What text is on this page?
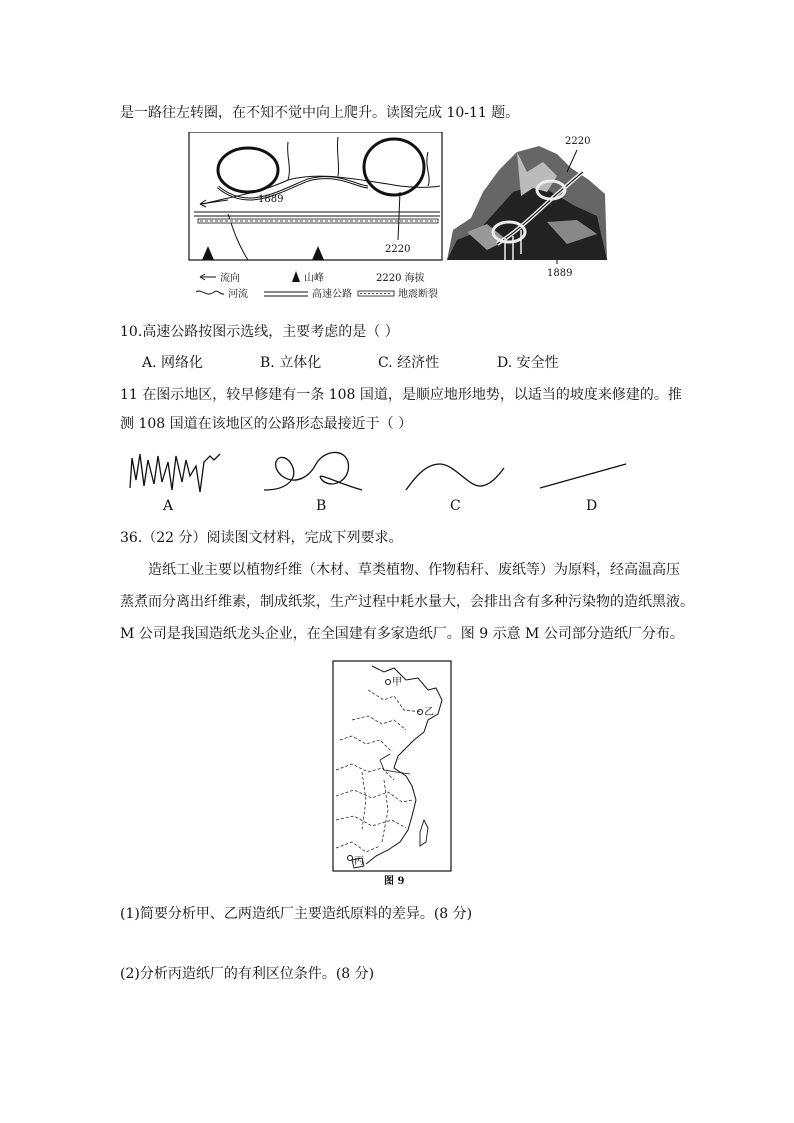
是一路往左转圈，在不知不觉中向上爬升。读图完成 10-11 题。
1889
2220
流向	山峰	2220 海拔
河流	高速公路	地震断裂
2220
1889
10.高速公路按图示选线，主要考虑的是（ ）
A. 网络化	B. 立体化	C. 经济性	D. 安全性
11 在图示地区，较早修建有一条 108 国道，是顺应地形地势，以适当的坡度来修建的。推
测 108 国道在该地区的公路形态最接近于（ ）
A	B	C	D
36.（22 分）阅读图文材料，完成下列要求。
造纸工业主要以植物纤维（木材、草类植物、作物秸秆、废纸等）为原料，经高温高压
蒸煮而分离出纤维素，制成纸浆，生产过程中耗水量大，会排出含有多种污染物的造纸黑液。
M 公司是我国造纸龙头企业，在全国建有多家造纸厂。图 9 示意 M 公司部分造纸厂分布。
甲
乙
丙
图 9
(1)简要分析甲、乙两造纸厂主要造纸原料的差异。(8 分)
(2)分析丙造纸厂的有利区位条件。(8 分)
